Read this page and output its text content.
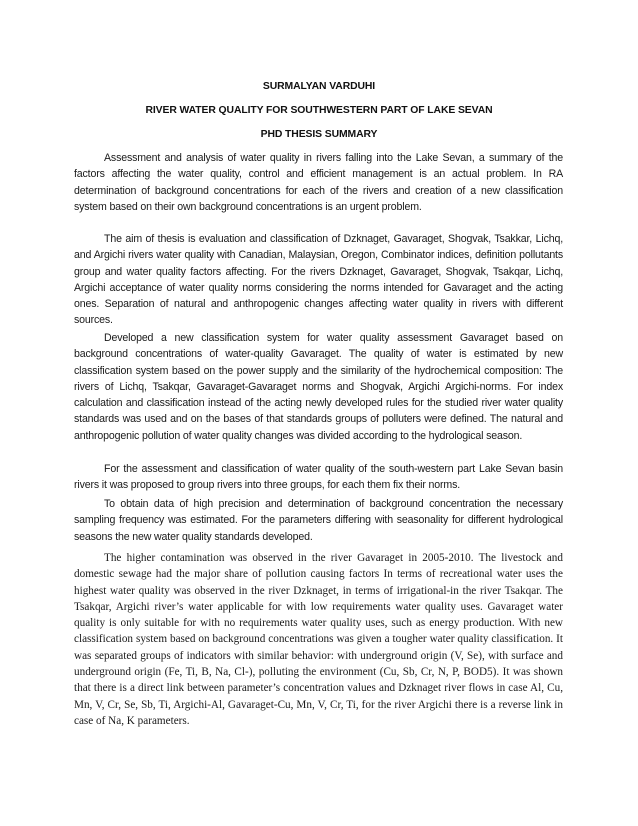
SURMALYAN VARDUHI
RIVER WATER QUALITY FOR SOUTHWESTERN PART OF LAKE SEVAN
PHD THESIS SUMMARY

Assessment and analysis of water quality in rivers falling into the Lake Sevan, a summary of the factors affecting the water quality, control and efficient management is an actual problem. In RA determination of background concentrations for each of the rivers and creation of a new classification system based on their own background concentrations is an urgent problem.

The aim of thesis is evaluation and classification of Dzknaget, Gavaraget, Shogvak, Tsakkar, Lichq, and Argichi rivers water quality with Canadian, Malaysian, Oregon, Combinator indices, definition pollutants group and water quality factors affecting. For the rivers Dzknaget, Gavaraget, Shogvak, Tsakqar, Lichq, Argichi acceptance of water quality norms considering the norms intended for Gavaraget and the acting ones. Separation of natural and anthropogenic changes affecting water quality in rivers with different sources.

Developed a new classification system for water quality assessment Gavaraget based on background concentrations of water-quality Gavaraget. The quality of water is estimated by new classification system based on the power supply and the similarity of the hydrochemical composition: The rivers of Lichq, Tsakqar, Gavaraget-Gavaraget norms and Shogvak, Argichi Argichi-norms. For index calculation and classification instead of the acting newly developed rules for the studied river water quality standards was used and on the bases of that standards groups of polluters were defined. The natural and anthropogenic pollution of water quality changes was divided according to the hydrological season.

For the assessment and classification of water quality of the south-western part Lake Sevan basin rivers it was proposed to group rivers into three groups, for each them fix their norms.

To obtain data of high precision and determination of background concentration the necessary sampling frequency was estimated. For the parameters differing with seasonality for different hydrological seasons the new water quality standards developed.

The higher contamination was observed in the river Gavaraget in 2005-2010. The livestock and domestic sewage had the major share of pollution causing factors In terms of recreational water uses the highest water quality was observed in the river Dzknaget, in terms of irrigational-in the river Tsakqar. The Tsakqar, Argichi river’s water applicable for with low requirements water quality uses. Gavaraget water quality is only suitable for with no requirements water quality uses, such as energy production. With new classification system based on background concentrations was given a tougher water quality classification. It was separated groups of indicators with similar behavior: with underground origin (V, Se), with surface and underground origin (Fe, Ti, B, Na, Cl-), polluting the environment (Cu, Sb, Cr, N, P, BOD5). It was shown that there is a direct link between parameter’s concentration values and Dzknaget river flows in case Al, Cu, Mn, V, Cr, Se, Sb, Ti, Argichi-Al, Gavaraget-Cu, Mn, V, Cr, Ti, for the river Argichi there is a reverse link in case of Na, K parameters.
